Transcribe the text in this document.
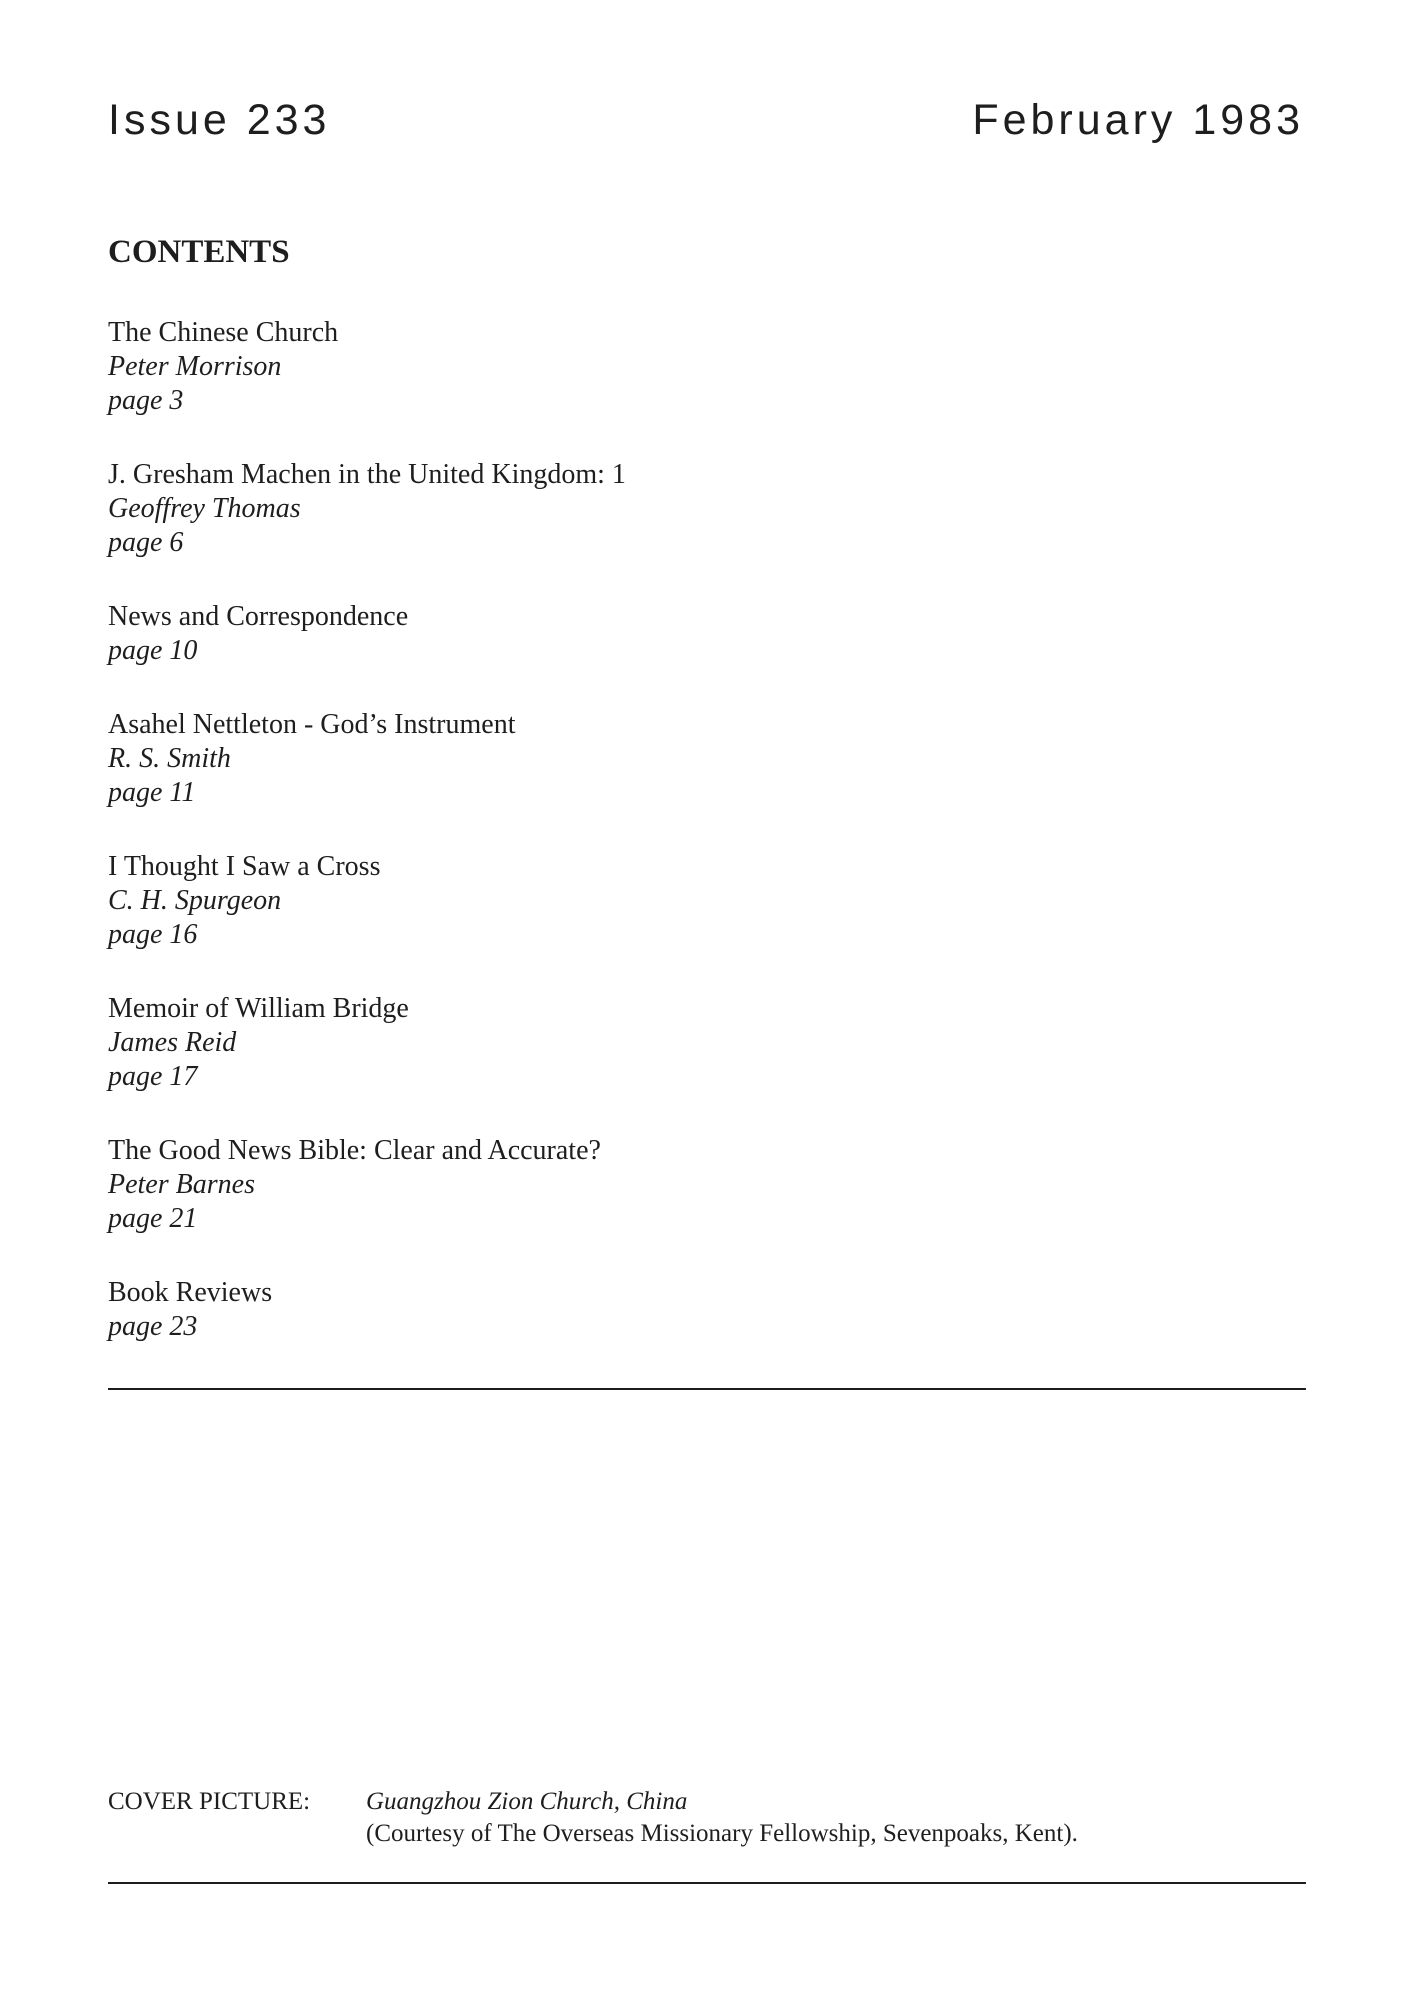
Issue 233	February 1983
CONTENTS
The Chinese Church
Peter Morrison
page 3
J. Gresham Machen in the United Kingdom: 1
Geoffrey Thomas
page 6
News and Correspondence
page 10
Asahel Nettleton - God’s Instrument
R. S. Smith
page 11
I Thought I Saw a Cross
C. H. Spurgeon
page 16
Memoir of William Bridge
James Reid
page 17
The Good News Bible: Clear and Accurate?
Peter Barnes
page 21
Book Reviews
page 23
COVER PICTURE: Guangzhou Zion Church, China
(Courtesy of The Overseas Missionary Fellowship, Sevenpoaks, Kent).
